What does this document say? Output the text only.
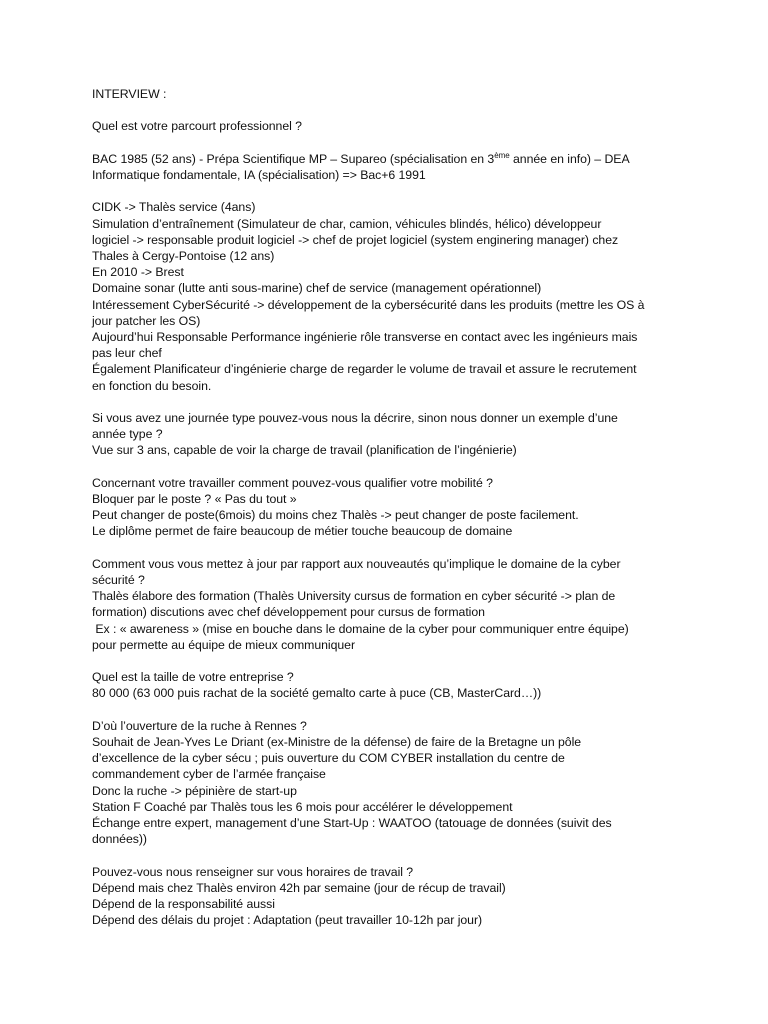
INTERVIEW :
Quel est votre parcourt professionnel ?
BAC 1985 (52 ans) - Prépa Scientifique MP – Supareo (spécialisation en 3ème année en info) – DEA
Informatique fondamentale, IA (spécialisation) => Bac+6 1991
CIDK -> Thalès service (4ans)
Simulation d’entraînement (Simulateur de char, camion, véhicules blindés, hélico) développeur
logiciel -> responsable produit logiciel -> chef de projet logiciel (system enginering manager) chez
Thales à Cergy-Pontoise (12 ans)
En 2010 -> Brest
Domaine sonar (lutte anti sous-marine) chef de service (management opérationnel)
Intéressement CyberSécurité -> développement de la cybersécurité dans les produits (mettre les OS à
jour patcher les OS)
Aujourd’hui Responsable Performance ingénierie rôle transverse en contact avec les ingénieurs mais
pas leur chef
Également Planificateur d’ingénierie charge de regarder le volume de travail et assure le recrutement
en fonction du besoin.
Si vous avez une journée type pouvez-vous nous la décrire, sinon nous donner un exemple d’une
année type ?
Vue sur 3 ans, capable de voir la charge de travail (planification de l’ingénierie)
Concernant votre travailler comment pouvez-vous qualifier votre mobilité ?
Bloquer par le poste ? « Pas du tout »
Peut changer de poste(6mois) du moins chez Thalès -> peut changer de poste facilement.
Le diplôme permet de faire beaucoup de métier touche beaucoup de domaine
Comment vous vous mettez à jour par rapport aux nouveautés qu’implique le domaine de la cyber
sécurité ?
Thalès élabore des formation (Thalès University cursus de formation en cyber sécurité -> plan de
formation) discutions avec chef développement pour cursus de formation
Ex : « awareness » (mise en bouche dans le domaine de la cyber pour communiquer entre équipe)
pour permette au équipe de mieux communiquer
Quel est la taille de votre entreprise ?
80 000 (63 000 puis rachat de la société gemalto carte à puce (CB, MasterCard…))
D’où l’ouverture de la ruche à Rennes ?
Souhait de Jean-Yves Le Driant (ex-Ministre de la défense) de faire de la Bretagne un pôle
d’excellence de la cyber sécu ; puis ouverture du COM CYBER installation du centre de
commandement cyber de l’armée française
Donc la ruche -> pépinière de start-up
Station F Coaché par Thalès tous les 6 mois pour accélérer le développement
Échange entre expert, management d’une Start-Up : WAATOO (tatouage de données (suivit des
données))
Pouvez-vous nous renseigner sur vous horaires de travail ?
Dépend mais chez Thalès environ 42h par semaine (jour de récup de travail)
Dépend de la responsabilité aussi
Dépend des délais du projet : Adaptation (peut travailler 10-12h par jour)
